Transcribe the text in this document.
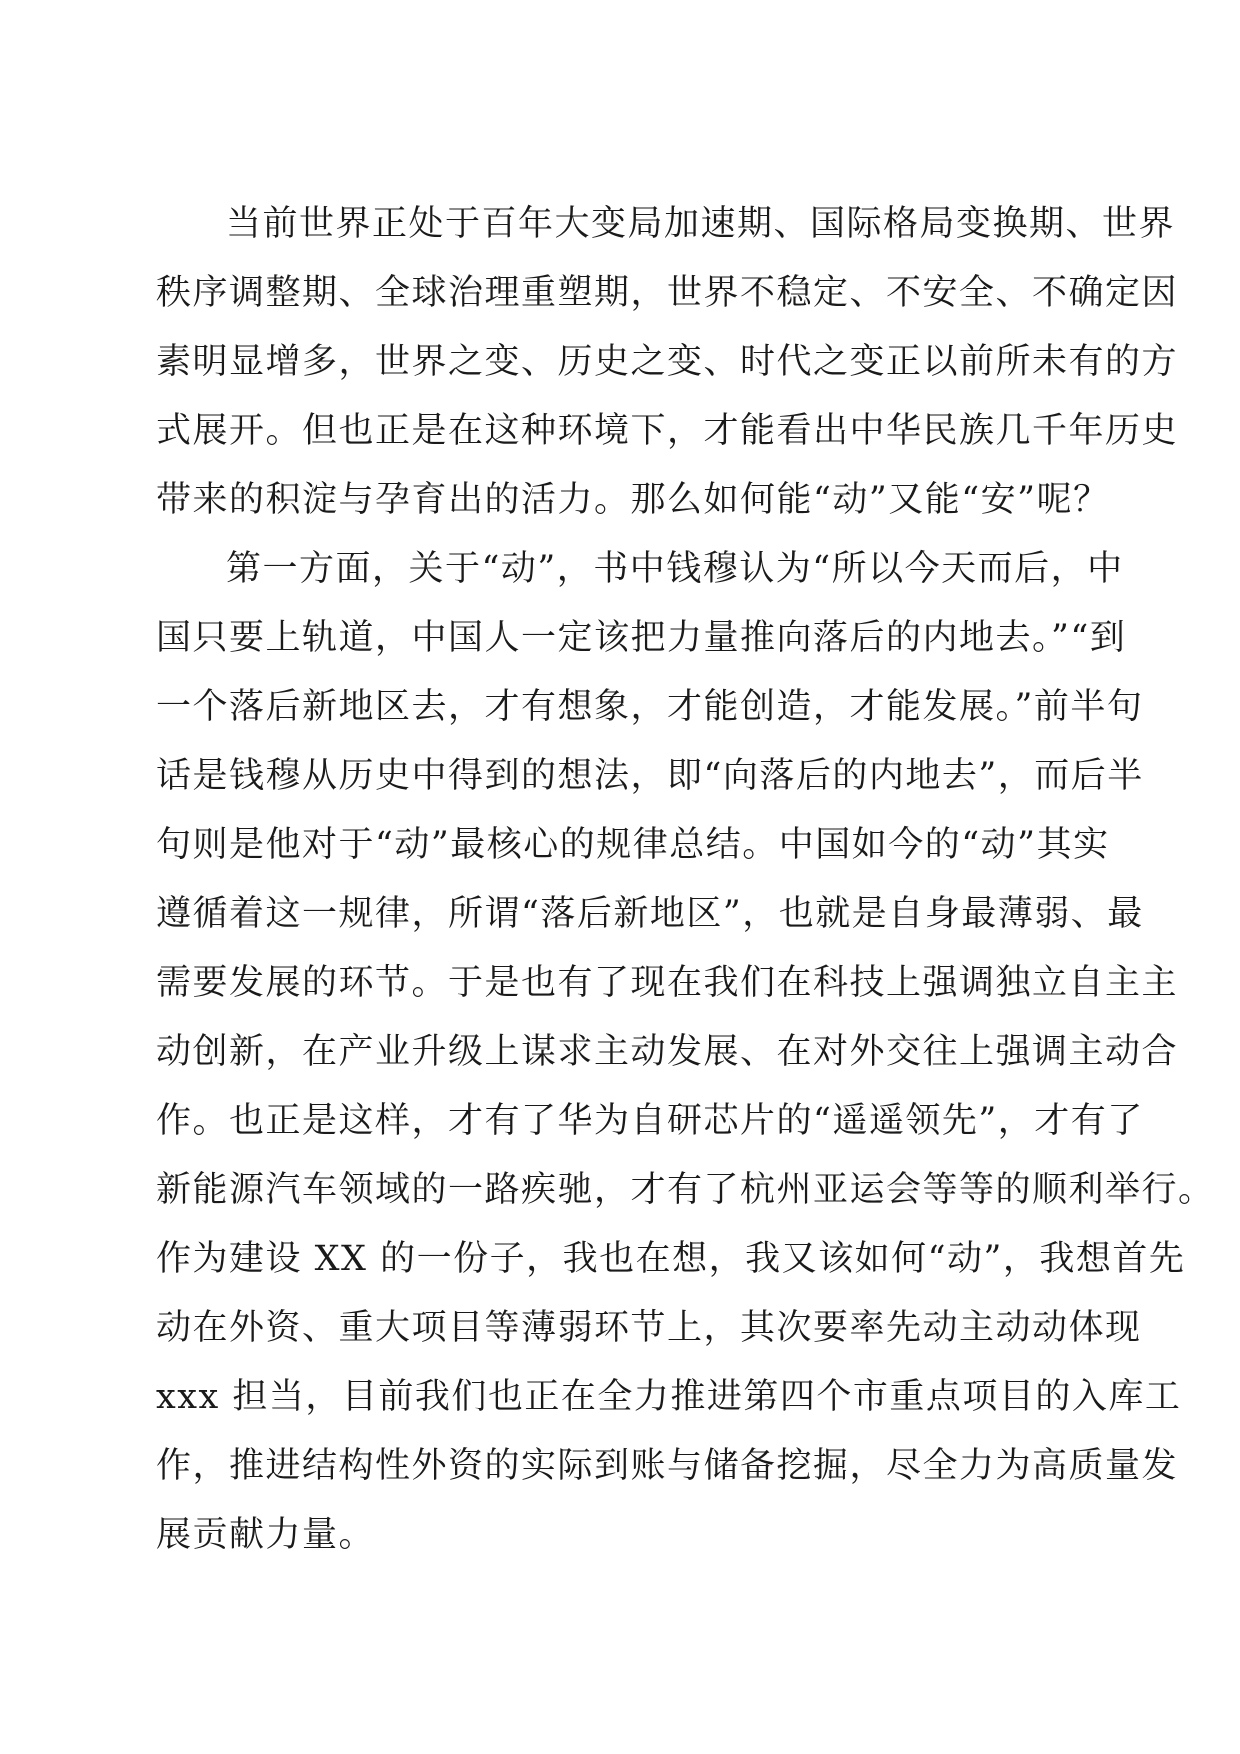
当前世界正处于百年大变局加速期、国际格局变换期、世界
秩序调整期、全球治理重塑期，世界不稳定、不安全、不确定因
素明显增多，世界之变、历史之变、时代之变正以前所未有的方
式展开。但也正是在这种环境下，才能看出中华民族几千年历史
带来的积淀与孕育出的活力。那么如何能“动”又能“安”呢？
第一方面，关于“动”，书中钱穆认为“所以今天而后，中
国只要上轨道，中国人一定该把力量推向落后的内地去。”“到
一个落后新地区去，才有想象，才能创造，才能发展。”前半句
话是钱穆从历史中得到的想法，即“向落后的内地去”，而后半
句则是他对于“动”最核心的规律总结。中国如今的“动”其实
遵循着这一规律，所谓“落后新地区”，也就是自身最薄弱、最
需要发展的环节。于是也有了现在我们在科技上强调独立自主主
动创新，在产业升级上谋求主动发展、在对外交往上强调主动合
作。也正是这样，才有了华为自研芯片的“遥遥领先”，才有了
新能源汽车领域的一路疾驰，才有了杭州亚运会等等的顺利举行。
作为建设 XX 的一份子，我也在想，我又该如何“动”，我想首先
动在外资、重大项目等薄弱环节上，其次要率先动主动动体现
xxx 担当，目前我们也正在全力推进第四个市重点项目的入库工
作，推进结构性外资的实际到账与储备挖掘，尽全力为高质量发
展贡献力量。
